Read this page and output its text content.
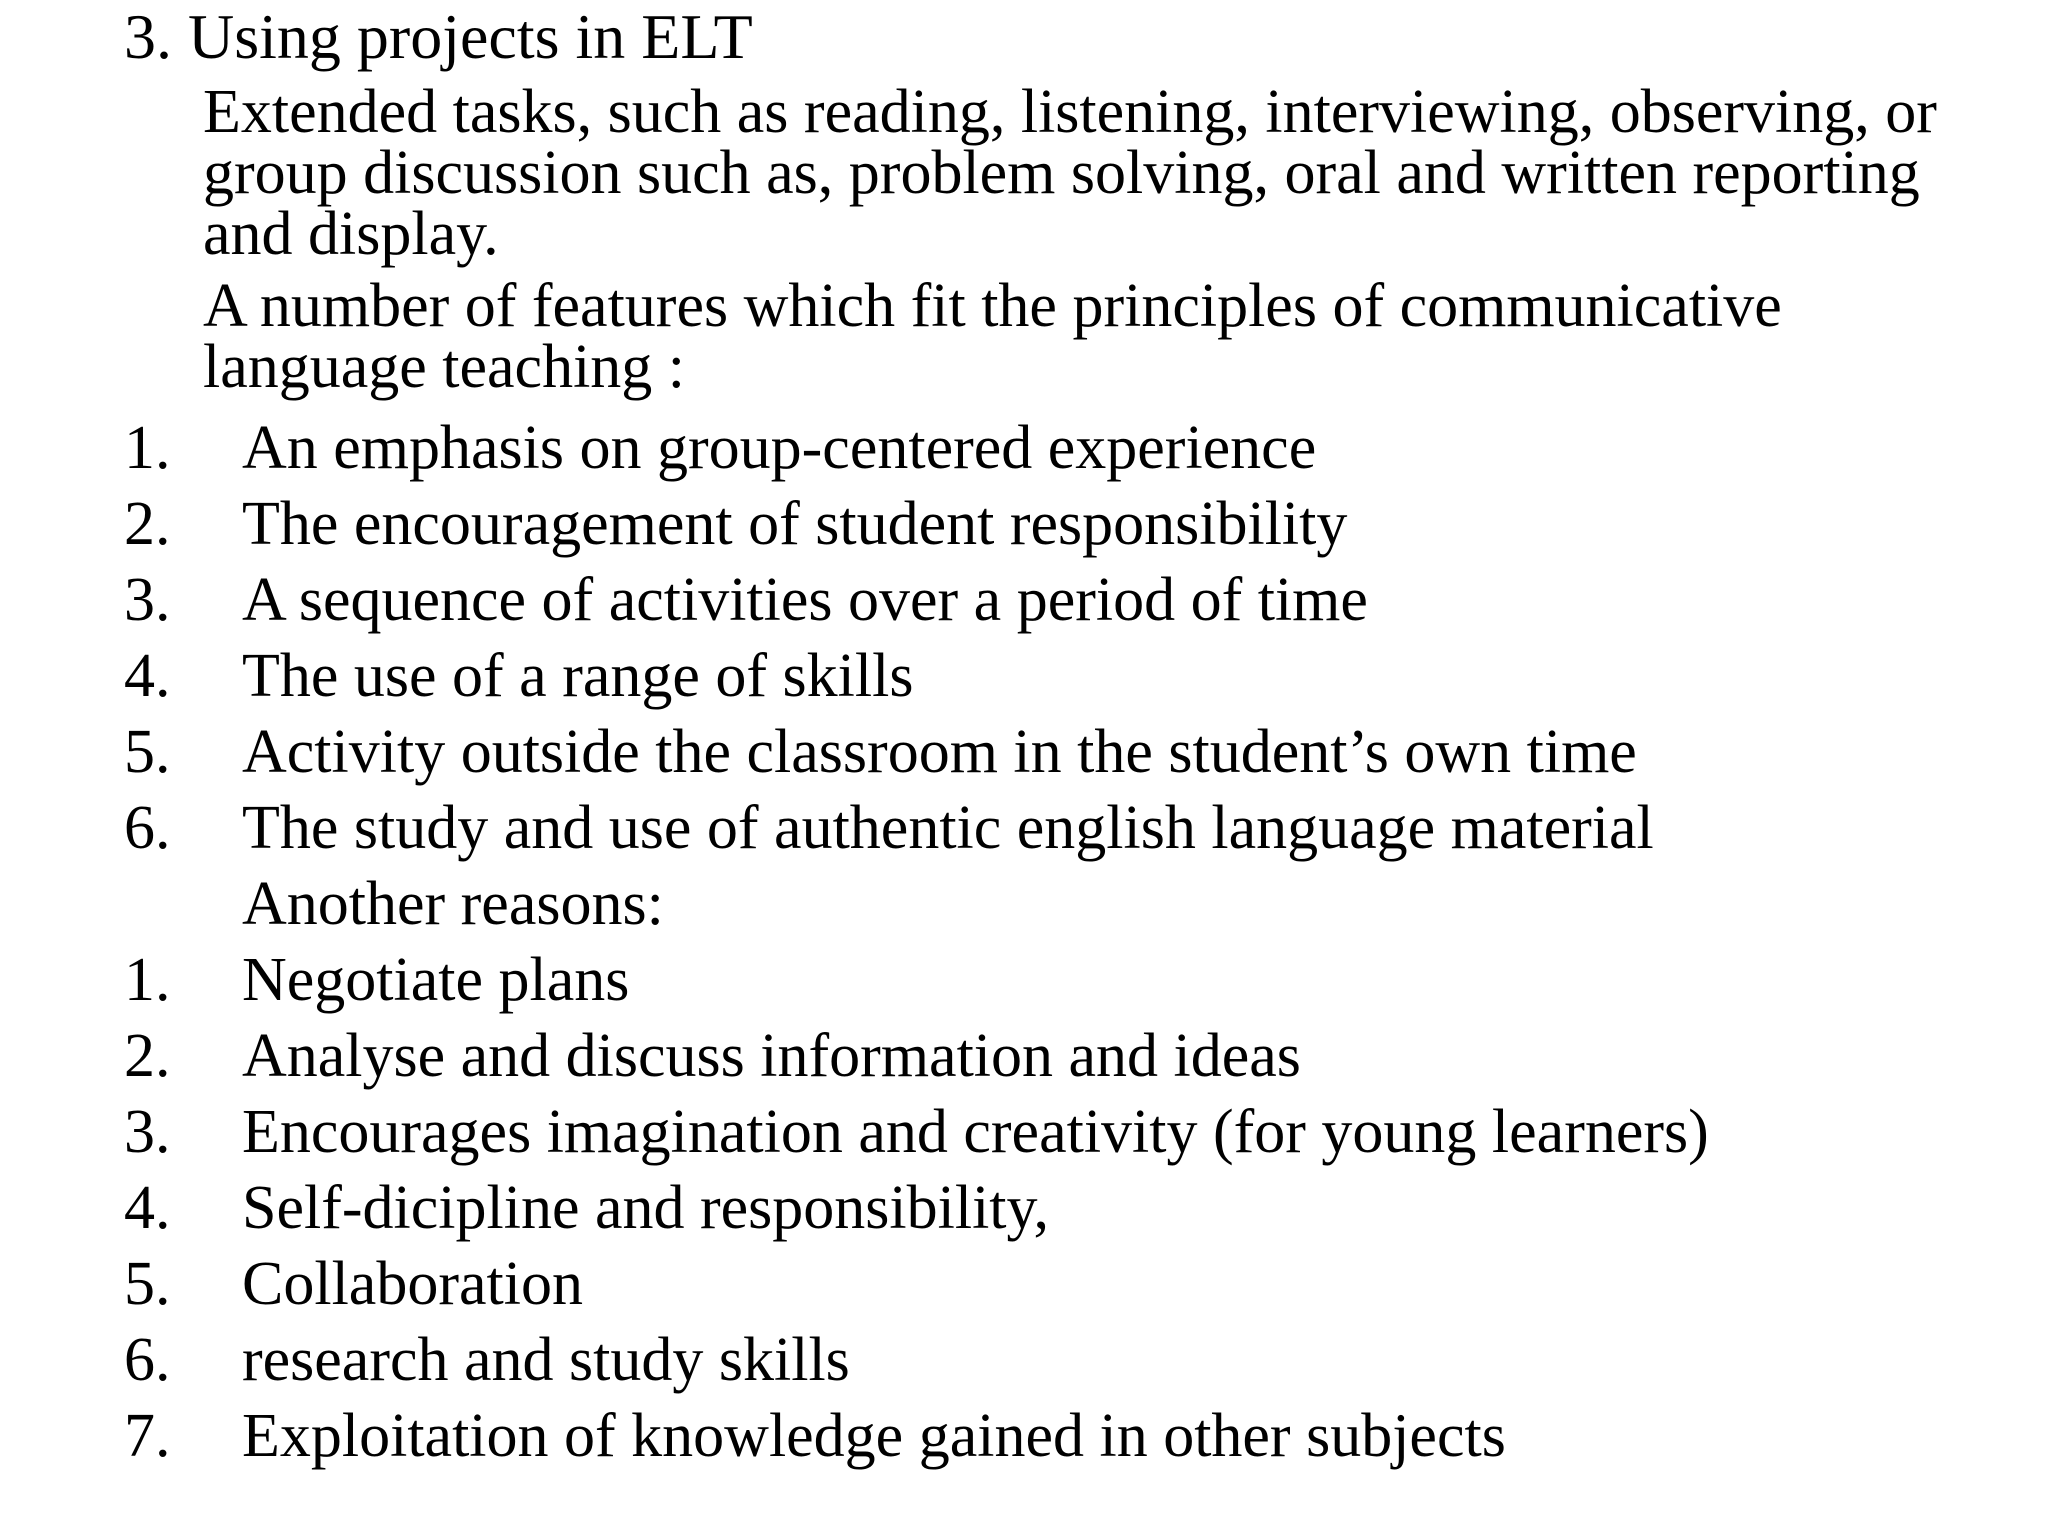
3. Using projects in ELT
Extended tasks, such as reading, listening, interviewing, observing, or group discussion such as, problem solving, oral and written reporting and display.
A number of features which fit the principles of communicative language teaching :
1. An emphasis on group-centered experience
2. The encouragement of student responsibility
3. A sequence of activities over a period of time
4. The use of a range of skills
5. Activity outside the classroom in the student’s own time
6. The study and use of authentic english language material
Another reasons:
1. Negotiate plans
2. Analyse and discuss information and ideas
3. Encourages imagination and creativity (for young learners)
4. Self-dicipline and responsibility,
5. Collaboration
6. research and study skills
7. Exploitation of knowledge gained in other subjects
